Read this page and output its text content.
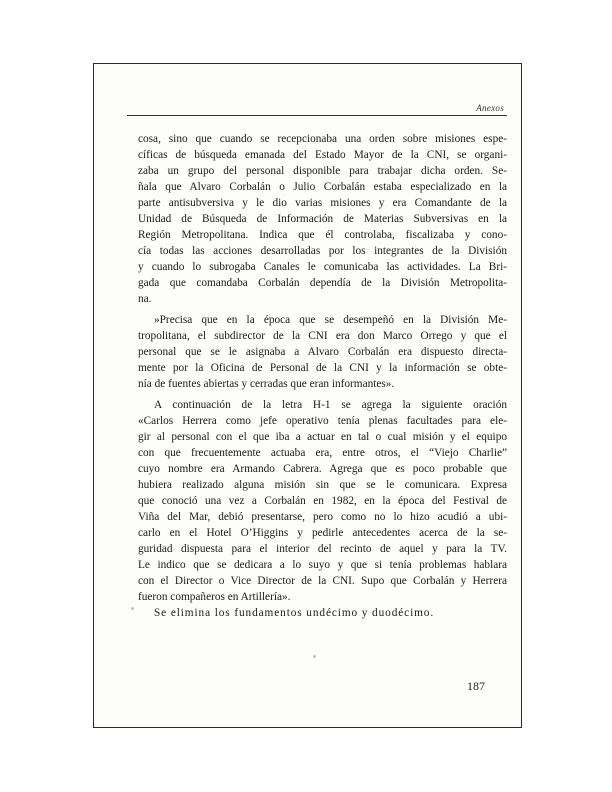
Anexos
cosa, sino que cuando se recepcionaba una orden sobre misiones espe-
cíficas de búsqueda emanada del Estado Mayor de la CNI, se organi-
zaba un grupo del personal disponible para trabajar dicha orden. Se-
ñala que Alvaro Corbalán o Julio Corbalán estaba especializado en la
parte antisubversiva y le dio varias misiones y era Comandante de la
Unidad de Búsqueda de Información de Materias Subversivas en la
Región Metropolitana. Indica que él controlaba, fiscalizaba y cono-
cía todas las acciones desarrolladas por los integrantes de la División
y cuando lo subrogaba Canales le comunicaba las actividades. La Bri-
gada que comandaba Corbalán dependía de la División Metropolita-
na.
»Precisa que en la época que se desempeñó en la División Me-
tropolitana, el subdirector de la CNI era don Marco Orrego y que el
personal que se le asignaba a Alvaro Corbalán era dispuesto directa-
mente por la Oficina de Personal de la CNI y la información se obte-
nía de fuentes abiertas y cerradas que eran informantes».
A continuación de la letra H-1 se agrega la siguiente oración
«Carlos Herrera como jefe operativo tenía plenas facultades para ele-
gir al personal con el que iba a actuar en tal o cual misión y el equipo
con que frecuentemente actuaba era, entre otros, el “Viejo Charlie”
cuyo nombre era Armando Cabrera. Agrega que es poco probable que
hubiera realizado alguna misión sin que se le comunicara. Expresa
que conoció una vez a Corbalán en 1982, en la época del Festival de
Viña del Mar, debió presentarse, pero como no lo hizo acudió a ubi-
carlo en el Hotel O’Higgins y pedirle antecedentes acerca de la se-
guridad dispuesta para el interior del recinto de aquel y para la TV.
Le indico que se dedicara a lo suyo y que si tenía problemas hablara
con el Director o Vice Director de la CNI. Supo que Corbalán y Herrera
fueron compañeros en Artillería».
Se elimina los fundamentos undécimo y duodécimo.
187
